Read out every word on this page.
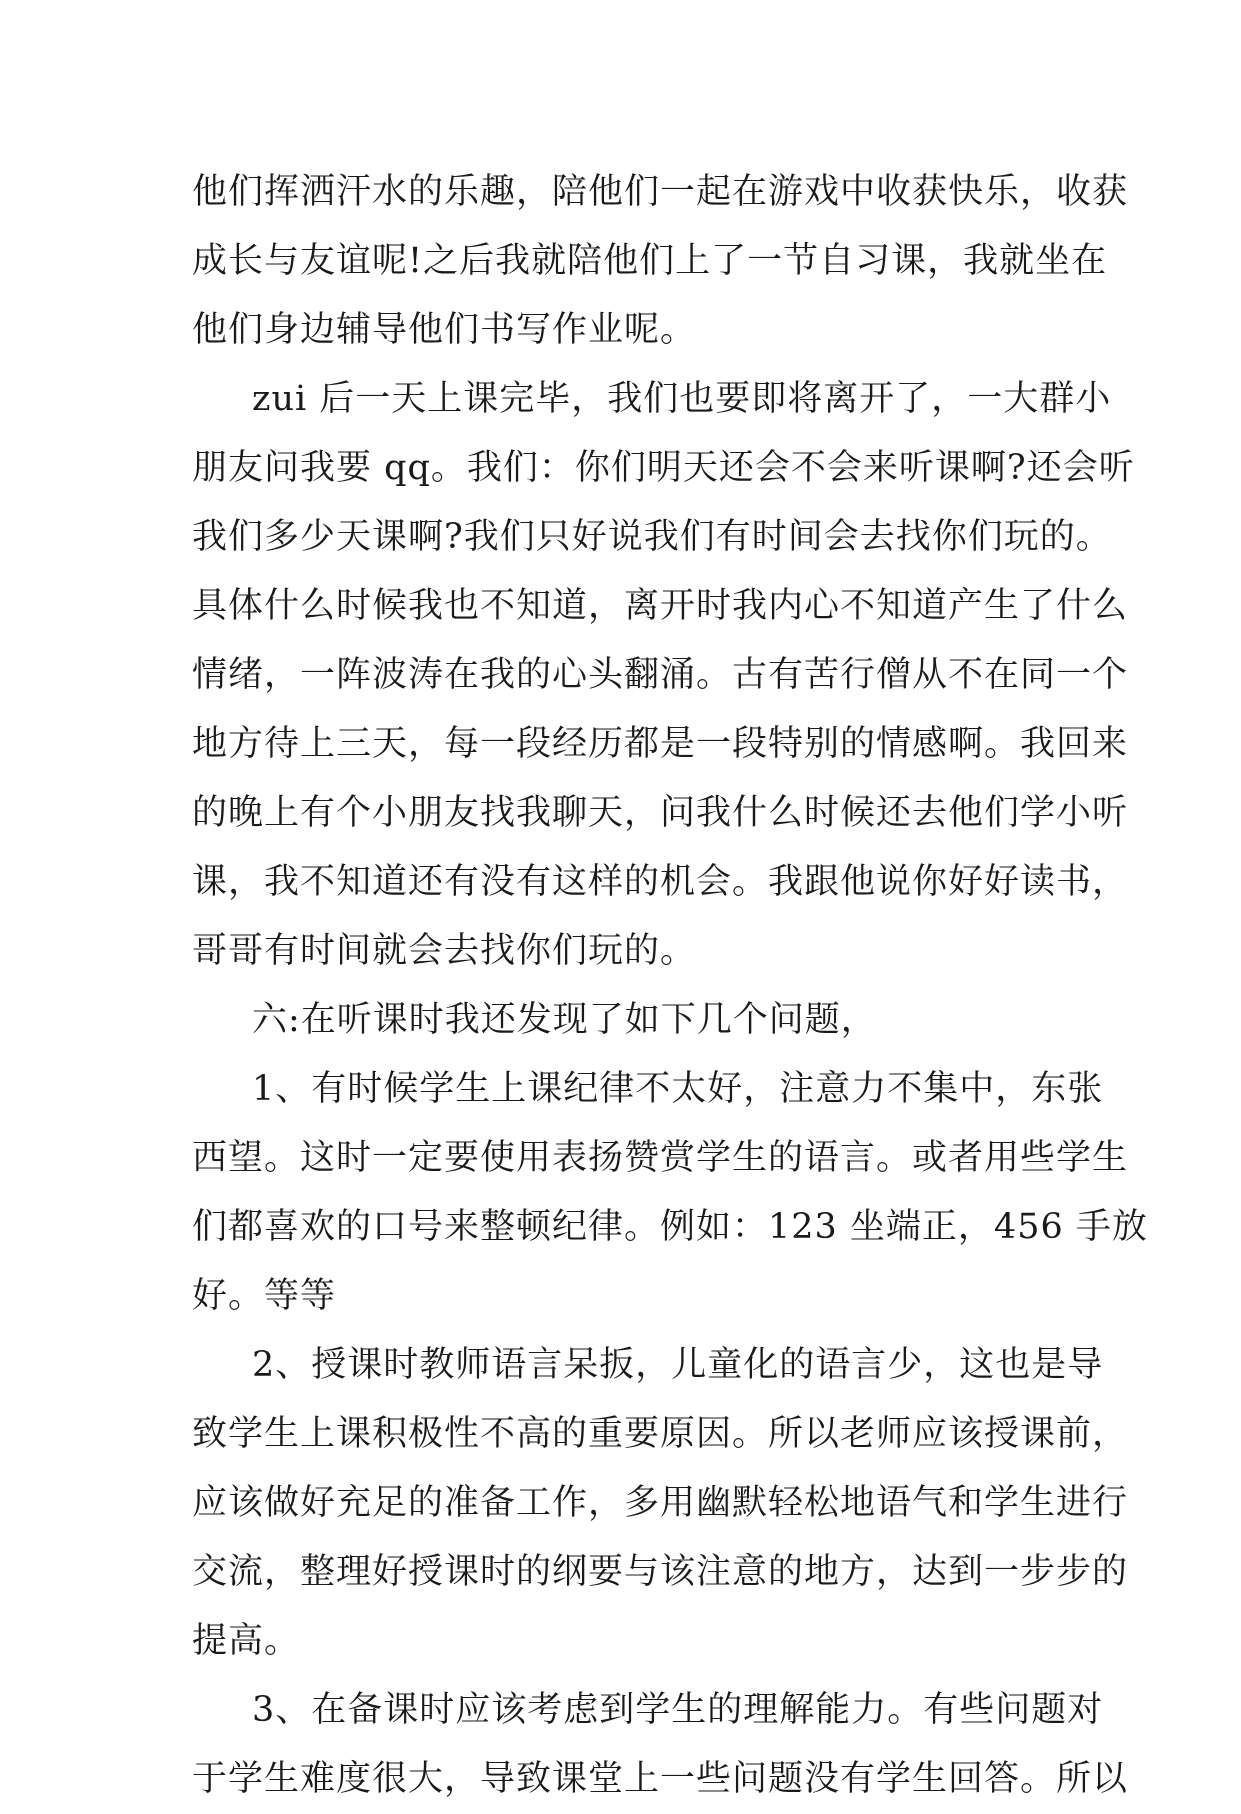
他们挥洒汗水的乐趣，陪他们一起在游戏中收获快乐，收获
成长与友谊呢!之后我就陪他们上了一节自习课，我就坐在
他们身边辅导他们书写作业呢。
zui 后一天上课完毕，我们也要即将离开了，一大群小
朋友问我要 qq。我们：你们明天还会不会来听课啊?还会听
我们多少天课啊?我们只好说我们有时间会去找你们玩的。
具体什么时候我也不知道，离开时我内心不知道产生了什么
情绪，一阵波涛在我的心头翻涌。古有苦行僧从不在同一个
地方待上三天，每一段经历都是一段特别的情感啊。我回来
的晚上有个小朋友找我聊天，问我什么时候还去他们学小听
课，我不知道还有没有这样的机会。我跟他说你好好读书，
哥哥有时间就会去找你们玩的。
六:在听课时我还发现了如下几个问题，
1、有时候学生上课纪律不太好，注意力不集中，东张
西望。这时一定要使用表扬赞赏学生的语言。或者用些学生
们都喜欢的口号来整顿纪律。例如：123 坐端正，456 手放
好。等等
2、授课时教师语言呆扳，儿童化的语言少，这也是导
致学生上课积极性不高的重要原因。所以老师应该授课前，
应该做好充足的准备工作，多用幽默轻松地语气和学生进行
交流，整理好授课时的纲要与该注意的地方，达到一步步的
提高。
3、在备课时应该考虑到学生的理解能力。有些问题对
于学生难度很大，导致课堂上一些问题没有学生回答。所以
